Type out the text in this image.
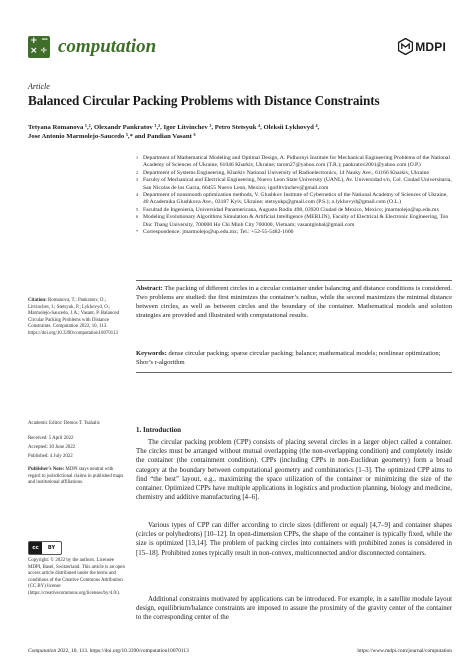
+ −
× ÷ computation	MDPI
Article
Balanced Circular Packing Problems with Distance Constraints
Tetyana Romanova ¹,², Olexandr Pankratov ¹,², Igor Litvinchev ³, Petro Stetsyuk ⁴, Oleksii Lykhovyd ⁴,
Jose Antonio Marmolejo-Saucedo ⁵,* and Pandian Vasant ⁶
1 Department of Mathematical Modeling and Optimal Design, A. Pidhornyi Institute for Mechanical Engineering Problems of the National Academy of Sciences of Ukraine, 61046 Kharkiv, Ukraine; tarom27@yahoo.com (T.R.); pankratov2001@yahoo.com (O.P.)
2 Department of Systems Engineering, Kharkiv National University of Radioelectronics, 14 Nauky Ave., 61166 Kharkiv, Ukraine
3 Faculty of Mechanical and Electrical Engineering, Nuevo Leon State University (UANL), Av. Universidad s/n, Col. Ciudad Universitaria, San Nicolas de los Garza, 66455 Nuevo Leon, Mexico; igorlitvinchev@gmail.com
4 Department of nonsmooth optimization methods, V. Glushkov Institute of Cybernetics of the National Academy of Sciences of Ukraine, 40 Academika Glushkova Ave., 03187 Kyiv, Ukraine; stetsyukp@gmail.com (P.S.); o.lykhovyd@gmail.com (O.L.)
5 Facultad de Ingeniería, Universidad Panamericana, Augusto Rodin 498, 03920 Ciudad de Mexico, Mexico; jmarmolejo@up.edu.mx
6 Modeling Evolutionary Algorithms Simulation & Artificial Intelligence (MERLIN), Faculty of Electrical & Electronic Engineering, Ton Duc Thang University, 700000 Ho Chi Minh City 700000, Vietnam; vasantglobal@gmail.com
* Correspondence: jmarmolejo@up.edu.mx; Tel.: +52-55-5482-1600
Abstract: The packing of different circles in a circular container under balancing and distance conditions is considered. Two problems are studied: the first minimizes the container’s radius, while the second maximizes the minimal distance between circles, as well as between circles and the boundary of the container. Mathematical models and solution strategies are provided and illustrated with computational results.
Keywords: dense circular packing; sparse circular packing; balance; mathematical models; nonlinear optimization; Shor’s r-algorithm
Citation: Romanova, T.; Pankratov, O.; Litvinchev, I.; Stetsyuk, P.; Lykhovyd, O.; Marmolejo-Saucedo, J.A.; Vasant, P. Balanced Circular Packing Problems with Distance Constraints. Computation 2022, 10, 113. https://doi.org/10.3390/computation10070113
Academic Editor: Demos T. Tsahalis
Received: 5 April 2022
Accepted: 30 June 2022
Published: 4 July 2022
Publisher’s Note: MDPI stays neutral with regard to jurisdictional claims in published maps and institutional affiliations.
cc	BY
Copyright: © 2022 by the authors. Licensee MDPI, Basel, Switzerland. This article is an open access article distributed under the terms and conditions of the Creative Commons Attribution (CC BY) license (https://creativecommons.org/licenses/by/4.0/).
1. Introduction
The circular packing problem (CPP) consists of placing several circles in a larger object called a container. The circles must be arranged without mutual overlapping (the non-overlapping condition) and completely inside the container (the containment condition). CPPs (including CPPs in non-Euclidean geometry) form a broad category at the boundary between computational geometry and combinatorics [1–3]. The optimized CPP aims to find “the best” layout, e.g., maximizing the space utilization of the container or minimizing the size of the container. Optimized CPPs have multiple applications in logistics and production planning, biology and medicine, chemistry and additive manufacturing [4–6].
Various types of CPP can differ according to circle sizes (different or equal) [4,7–9] and container shapes (circles or polyhedrons) [10–12]. In open-dimension CPPs, the shape of the container is typically fixed, while the size is optimized [13,14]. The problem of packing circles into containers with prohibited zones is considered in [15–18]. Prohibited zones typically result in non-convex, multiconnected and/or disconnected containers.
Additional constraints motivated by applications can be introduced. For example, in a satellite module layout design, equilibrium/balance constraints are imposed to assure the proximity of the gravity center of the container to the corresponding center of the
Computation 2022, 10, 113. https://doi.org/10.3390/computation10070113	https://www.mdpi.com/journal/computation
